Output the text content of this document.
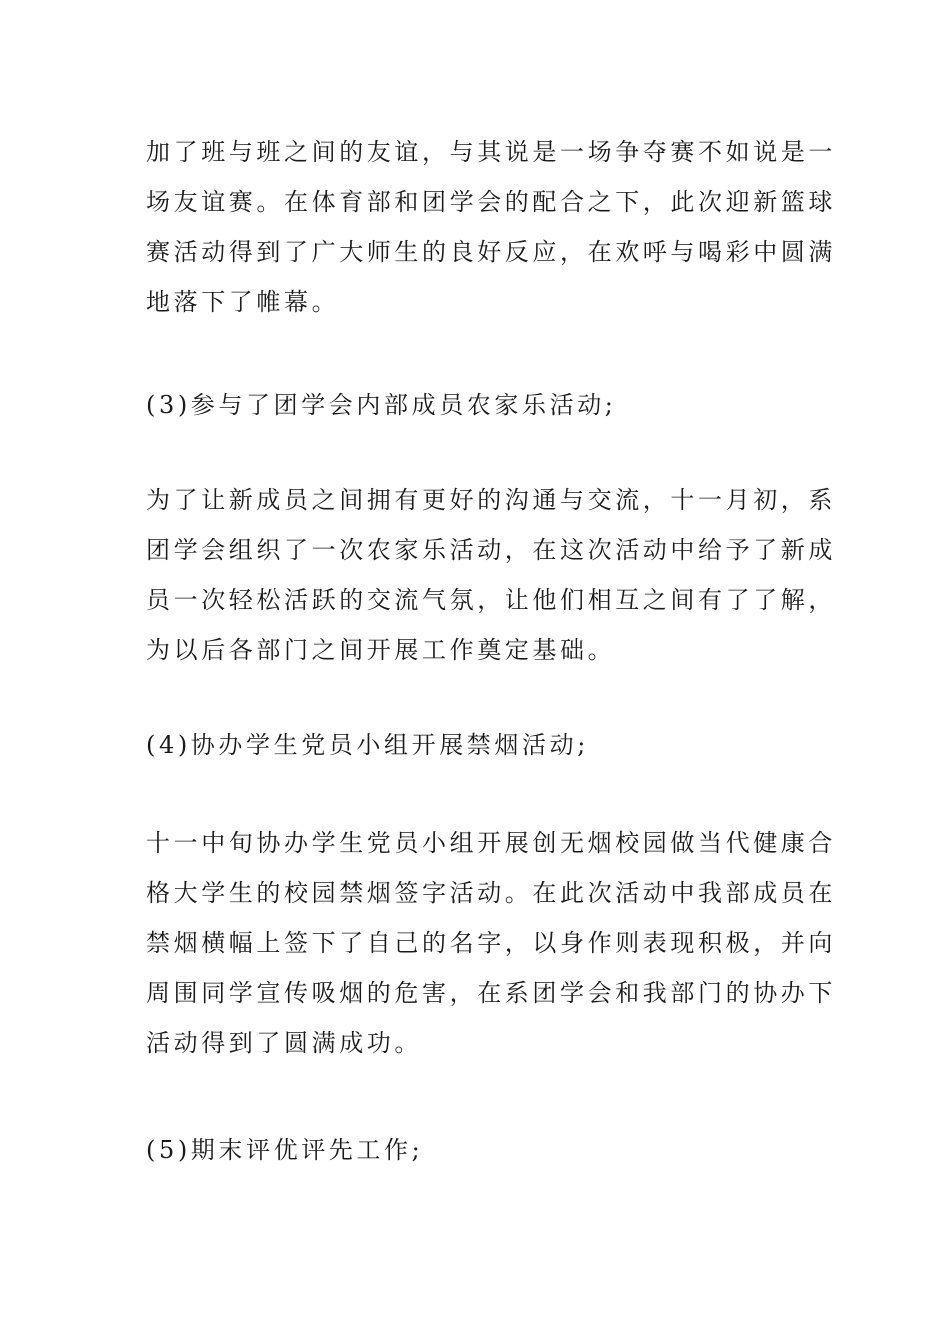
加了班与班之间的友谊，与其说是一场争夺赛不如说是一
场友谊赛。在体育部和团学会的配合之下，此次迎新篮球
赛活动得到了广大师生的良好反应，在欢呼与喝彩中圆满
地落下了帷幕。
(3)参与了团学会内部成员农家乐活动;
为了让新成员之间拥有更好的沟通与交流，十一月初，系
团学会组织了一次农家乐活动，在这次活动中给予了新成
员一次轻松活跃的交流气氛，让他们相互之间有了了解，
为以后各部门之间开展工作奠定基础。
(4)协办学生党员小组开展禁烟活动;
十一中旬协办学生党员小组开展创无烟校园做当代健康合
格大学生的校园禁烟签字活动。在此次活动中我部成员在
禁烟横幅上签下了自己的名字，以身作则表现积极，并向
周围同学宣传吸烟的危害，在系团学会和我部门的协办下
活动得到了圆满成功。
(5)期末评优评先工作;
